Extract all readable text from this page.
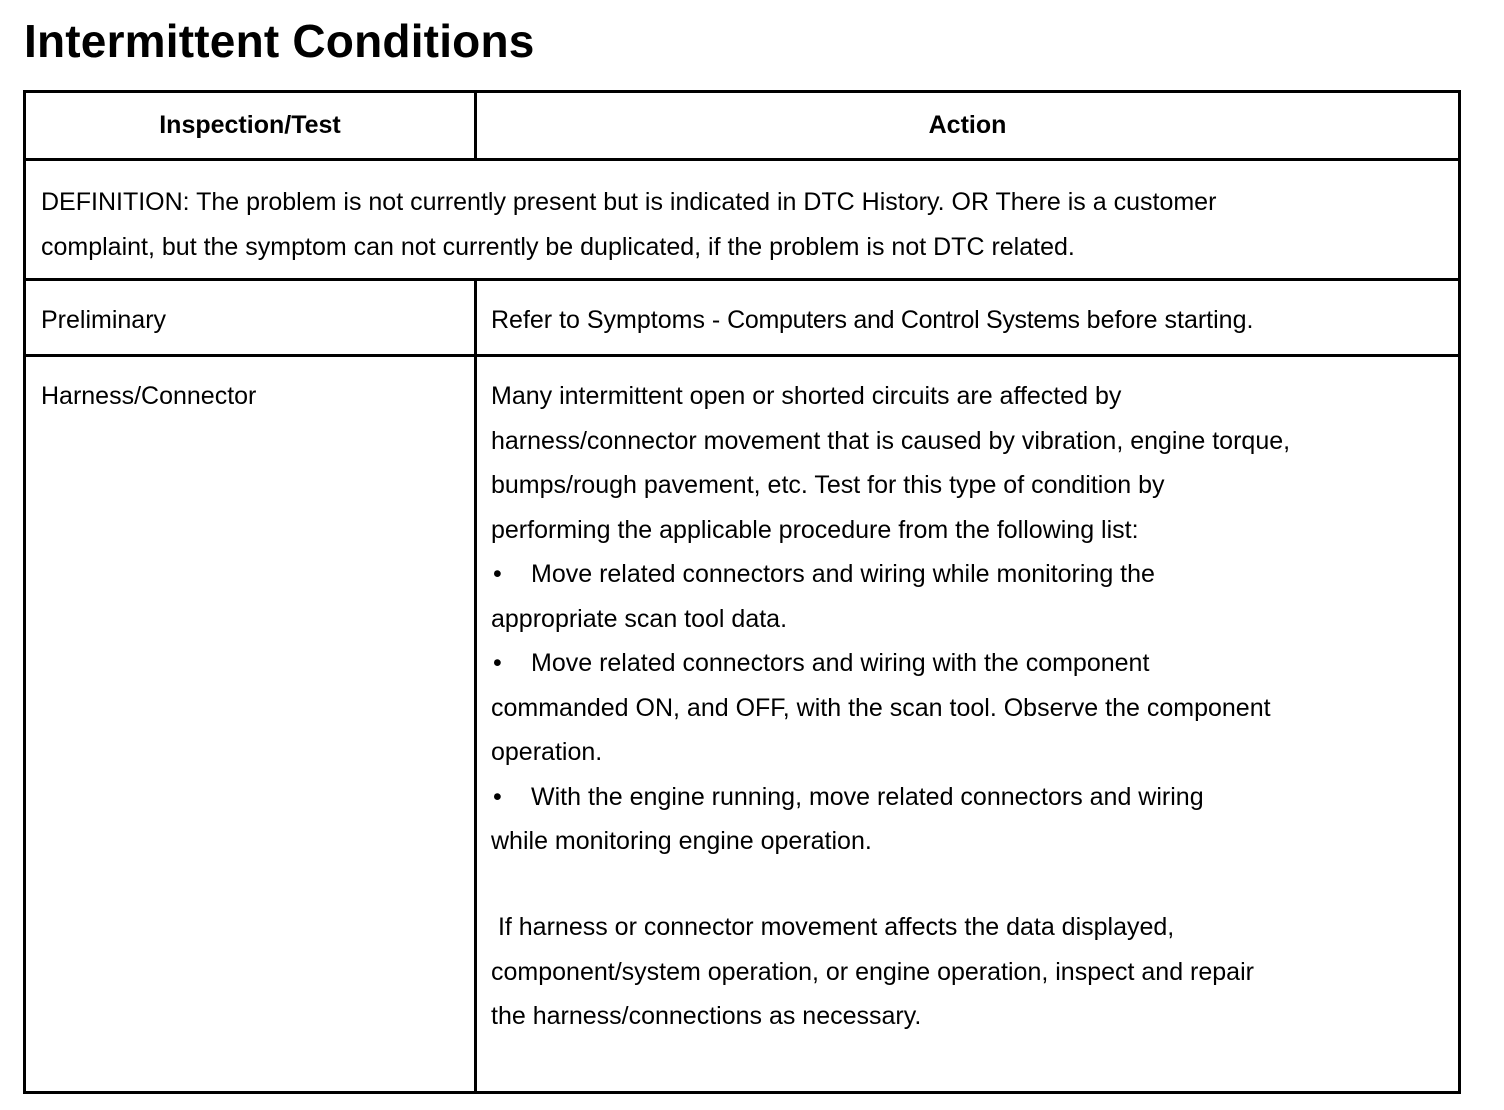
Intermittent Conditions
Inspection/Test	Action
DEFINITION: The problem is not currently present but is indicated in DTC History. OR There is a customer
complaint, but the symptom can not currently be duplicated, if the problem is not DTC related.
Preliminary	Refer to Symptoms - Computers and Control Systems before starting.
Harness/Connector	Many intermittent open or shorted circuits are affected by
harness/connector movement that is caused by vibration, engine torque,
bumps/rough pavement, etc. Test for this type of condition by
performing the applicable procedure from the following list:
• Move related connectors and wiring while monitoring the
appropriate scan tool data.
• Move related connectors and wiring with the component
commanded ON, and OFF, with the scan tool. Observe the component
operation.
• With the engine running, move related connectors and wiring
while monitoring engine operation.
If harness or connector movement affects the data displayed,
component/system operation, or engine operation, inspect and repair
the harness/connections as necessary.
